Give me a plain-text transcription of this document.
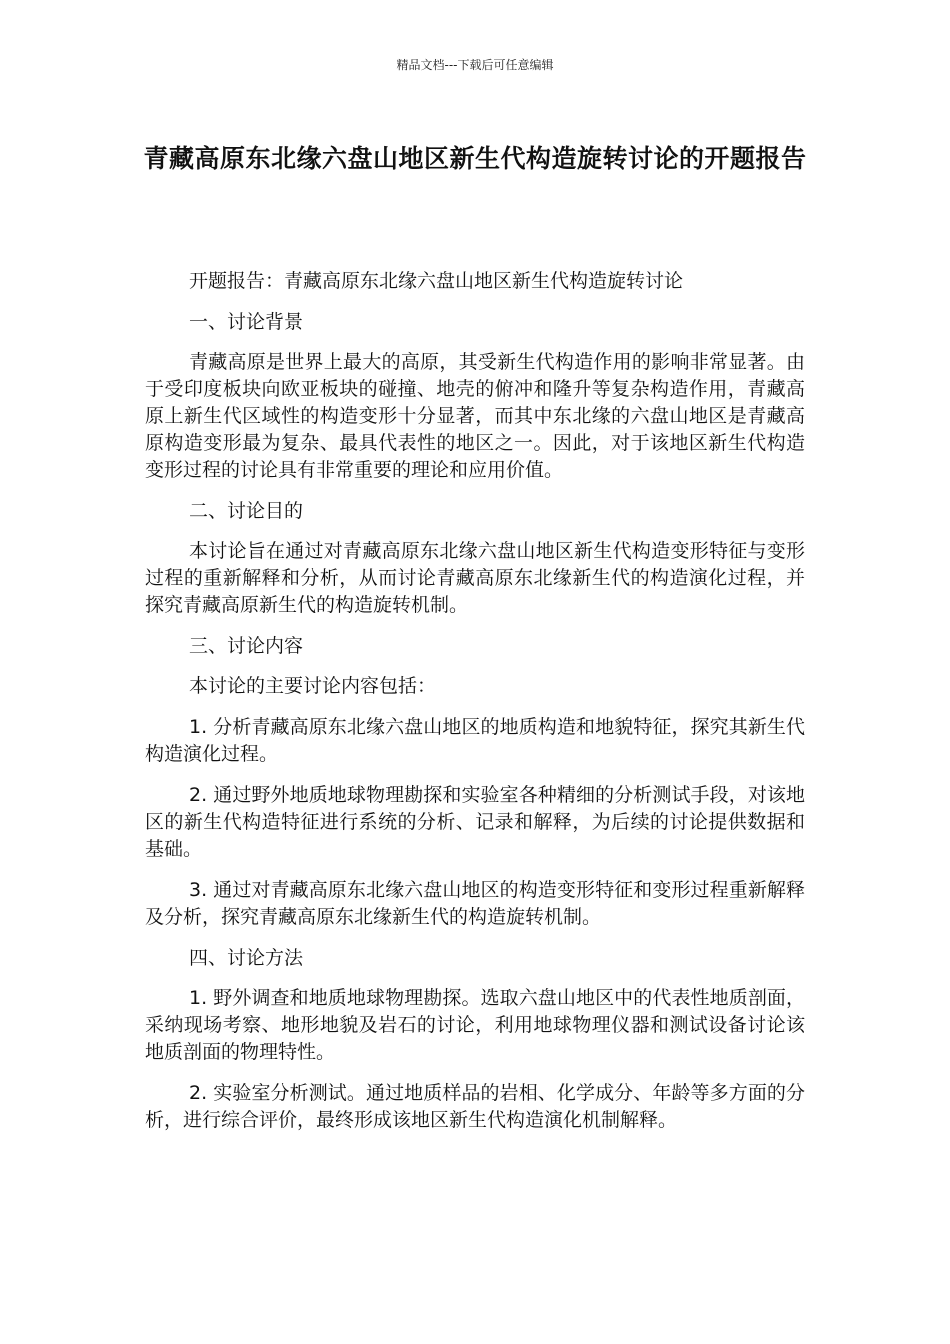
精品文档---下载后可任意编辑
青藏高原东北缘六盘山地区新生代构造旋转讨论的开题报告

开题报告：青藏高原东北缘六盘山地区新生代构造旋转讨论

一、讨论背景

青藏高原是世界上最大的高原，其受新生代构造作用的影响非常显著。由于受印度板块向欧亚板块的碰撞、地壳的俯冲和隆升等复杂构造作用，青藏高原上新生代区域性的构造变形十分显著，而其中东北缘的六盘山地区是青藏高原构造变形最为复杂、最具代表性的地区之一。因此，对于该地区新生代构造变形过程的讨论具有非常重要的理论和应用价值。

二、讨论目的

本讨论旨在通过对青藏高原东北缘六盘山地区新生代构造变形特征与变形过程的重新解释和分析，从而讨论青藏高原东北缘新生代的构造演化过程，并探究青藏高原新生代的构造旋转机制。

三、讨论内容

本讨论的主要讨论内容包括：

1. 分析青藏高原东北缘六盘山地区的地质构造和地貌特征，探究其新生代构造演化过程。

2. 通过野外地质地球物理勘探和实验室各种精细的分析测试手段，对该地区的新生代构造特征进行系统的分析、记录和解释，为后续的讨论提供数据和基础。

3. 通过对青藏高原东北缘六盘山地区的构造变形特征和变形过程重新解释及分析，探究青藏高原东北缘新生代的构造旋转机制。

四、讨论方法

1. 野外调查和地质地球物理勘探。选取六盘山地区中的代表性地质剖面，采纳现场考察、地形地貌及岩石的讨论，利用地球物理仪器和测试设备讨论该地质剖面的物理特性。

2. 实验室分析测试。通过地质样品的岩相、化学成分、年龄等多方面的分析，进行综合评价，最终形成该地区新生代构造演化机制解释。
